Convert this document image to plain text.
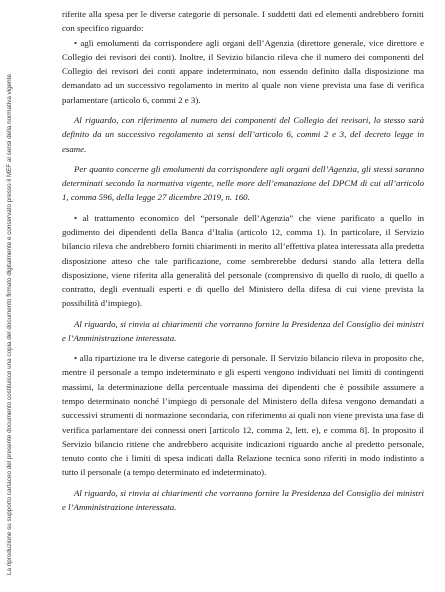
La riproduzione su supporto cartaceo del presente documento costituisce una copia del documento firmato digitalmente e conservato presso il MEF ai sensi della normativa vigente.

riferite alla spesa per le diverse categorie di personale. I suddetti dati ed elementi andrebbero forniti con specifico riguardo:

• agli emolumenti da corrispondere agli organi dell’Agenzia (direttore generale, vice direttore e Collegio dei revisori dei conti). Inoltre, il Sevizio bilancio rileva che il numero dei componenti del Collegio dei revisori dei conti appare indeterminato, non essendo definito dalla disposizione ma demandato ad un successivo regolamento in merito al quale non viene prevista una fase di verifica parlamentare (articolo 6, commi 2 e 3).

Al riguardo, con riferimento al numero dei componenti del Collegio dei revisori, lo stesso sarà definito da un successivo regolamento ai sensi dell’articolo 6, commi 2 e 3, del decreto legge in esame.

Per quanto concerne gli emolumenti da corrispondere agli organi dell’Agenzia, gli stessi saranno determinati secondo la normativa vigente, nelle more dell’emanazione del DPCM di cui all’articolo 1, comma 596, della legge 27 dicembre 2019, n. 160.

• al trattamento economico del “personale dell’Agenzia” che viene parificato a quello in godimento dei dipendenti della Banca d’Italia (articolo 12, comma 1). In particolare, il Servizio bilancio rileva che andrebbero forniti chiarimenti in merito all’effettiva platea interessata alla predetta disposizione atteso che tale parificazione, come sembrerebbe dedursi stando alla lettera della disposizione, viene riferita alla generalità del personale (comprensivo di quello di ruolo, di quello a contratto, degli eventuali esperti e di quello del Ministero della difesa di cui viene prevista la possibilità d’impiego).

Al riguardo, si rinvia ai chiarimenti che vorranno fornire la Presidenza del Consiglio dei ministri e l’Amministrazione interessata.

• alla ripartizione tra le diverse categorie di personale. Il Servizio bilancio rileva in proposito che, mentre il personale a tempo indeterminato e gli esperti vengono individuati nei limiti di contingenti massimi, la determinazione della percentuale massima dei dipendenti che è possibile assumere a tempo determinato nonché l’impiego di personale del Ministero della difesa vengono demandati a successivi strumenti di normazione secondaria, con riferimento ai quali non viene prevista una fase di verifica parlamentare dei connessi oneri [articolo 12, comma 2, lett. e), e comma 8]. In proposito il Servizio bilancio ritiene che andrebbero acquisite indicazioni riguardo anche al predetto personale, tenuto conto che i limiti di spesa indicati dalla Relazione tecnica sono riferiti in modo indistinto a tutto il personale (a tempo determinato ed indeterminato).

Al riguardo, si rinvia ai chiarimenti che vorranno fornire la Presidenza del Consiglio dei ministri e l’Amministrazione interessata.
